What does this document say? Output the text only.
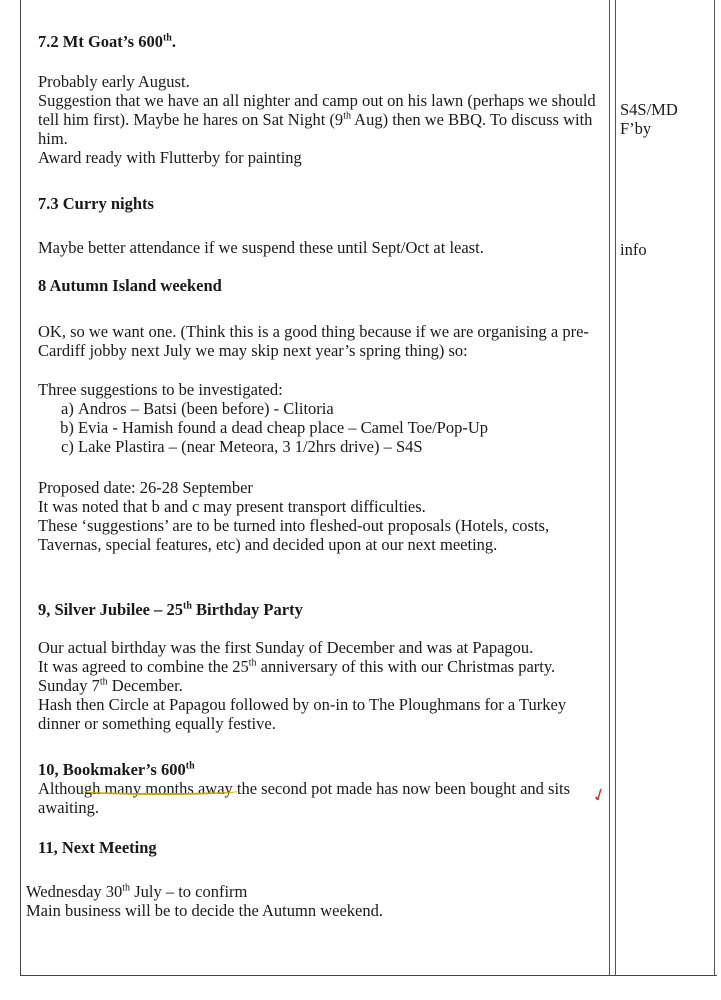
7.2 Mt Goat’s 600th.

Probably early August.

Suggestion that we have an all nighter and camp out on his lawn (perhaps we should tell him first). Maybe he hares on Sat Night (9th Aug) then we BBQ. To discuss with him.

Award ready with Flutterby for painting

7.3 Curry nights

Maybe better attendance if we suspend these until Sept/Oct at least.

8 Autumn Island weekend

OK, so we want one. (Think this is a good thing because if we are organising a pre-Cardiff jobby next July we may skip next year’s spring thing) so:

Three suggestions to be investigated:

a. Andros – Batsi (been before) - Clitoria
b. Evia - Hamish found a dead cheap place – Camel Toe/Pop-Up
c. Lake Plastira – (near Meteora, 3 1/2hrs drive) – S4S

Proposed date: 26-28 September

It was noted that b and c may present transport difficulties.

These ‘suggestions’ are to be turned into fleshed-out proposals (Hotels, costs, Tavernas, special features, etc) and decided upon at our next meeting.

9, Silver Jubilee – 25th Birthday Party

Our actual birthday was the first Sunday of December and was at Papagou.

It was agreed to combine the 25th anniversary of this with our Christmas party.

Sunday 7th December.

Hash then Circle at Papagou followed by on-in to The Ploughmans for a Turkey dinner or something equally festive.

10, Bookmaker’s 600th

Although many months away the second pot made has now been bought and sits awaiting.

11, Next Meeting

Wednesday 30th July – to confirm

Main business will be to decide the Autumn weekend.

✓

S4S/MD

F’by

info
